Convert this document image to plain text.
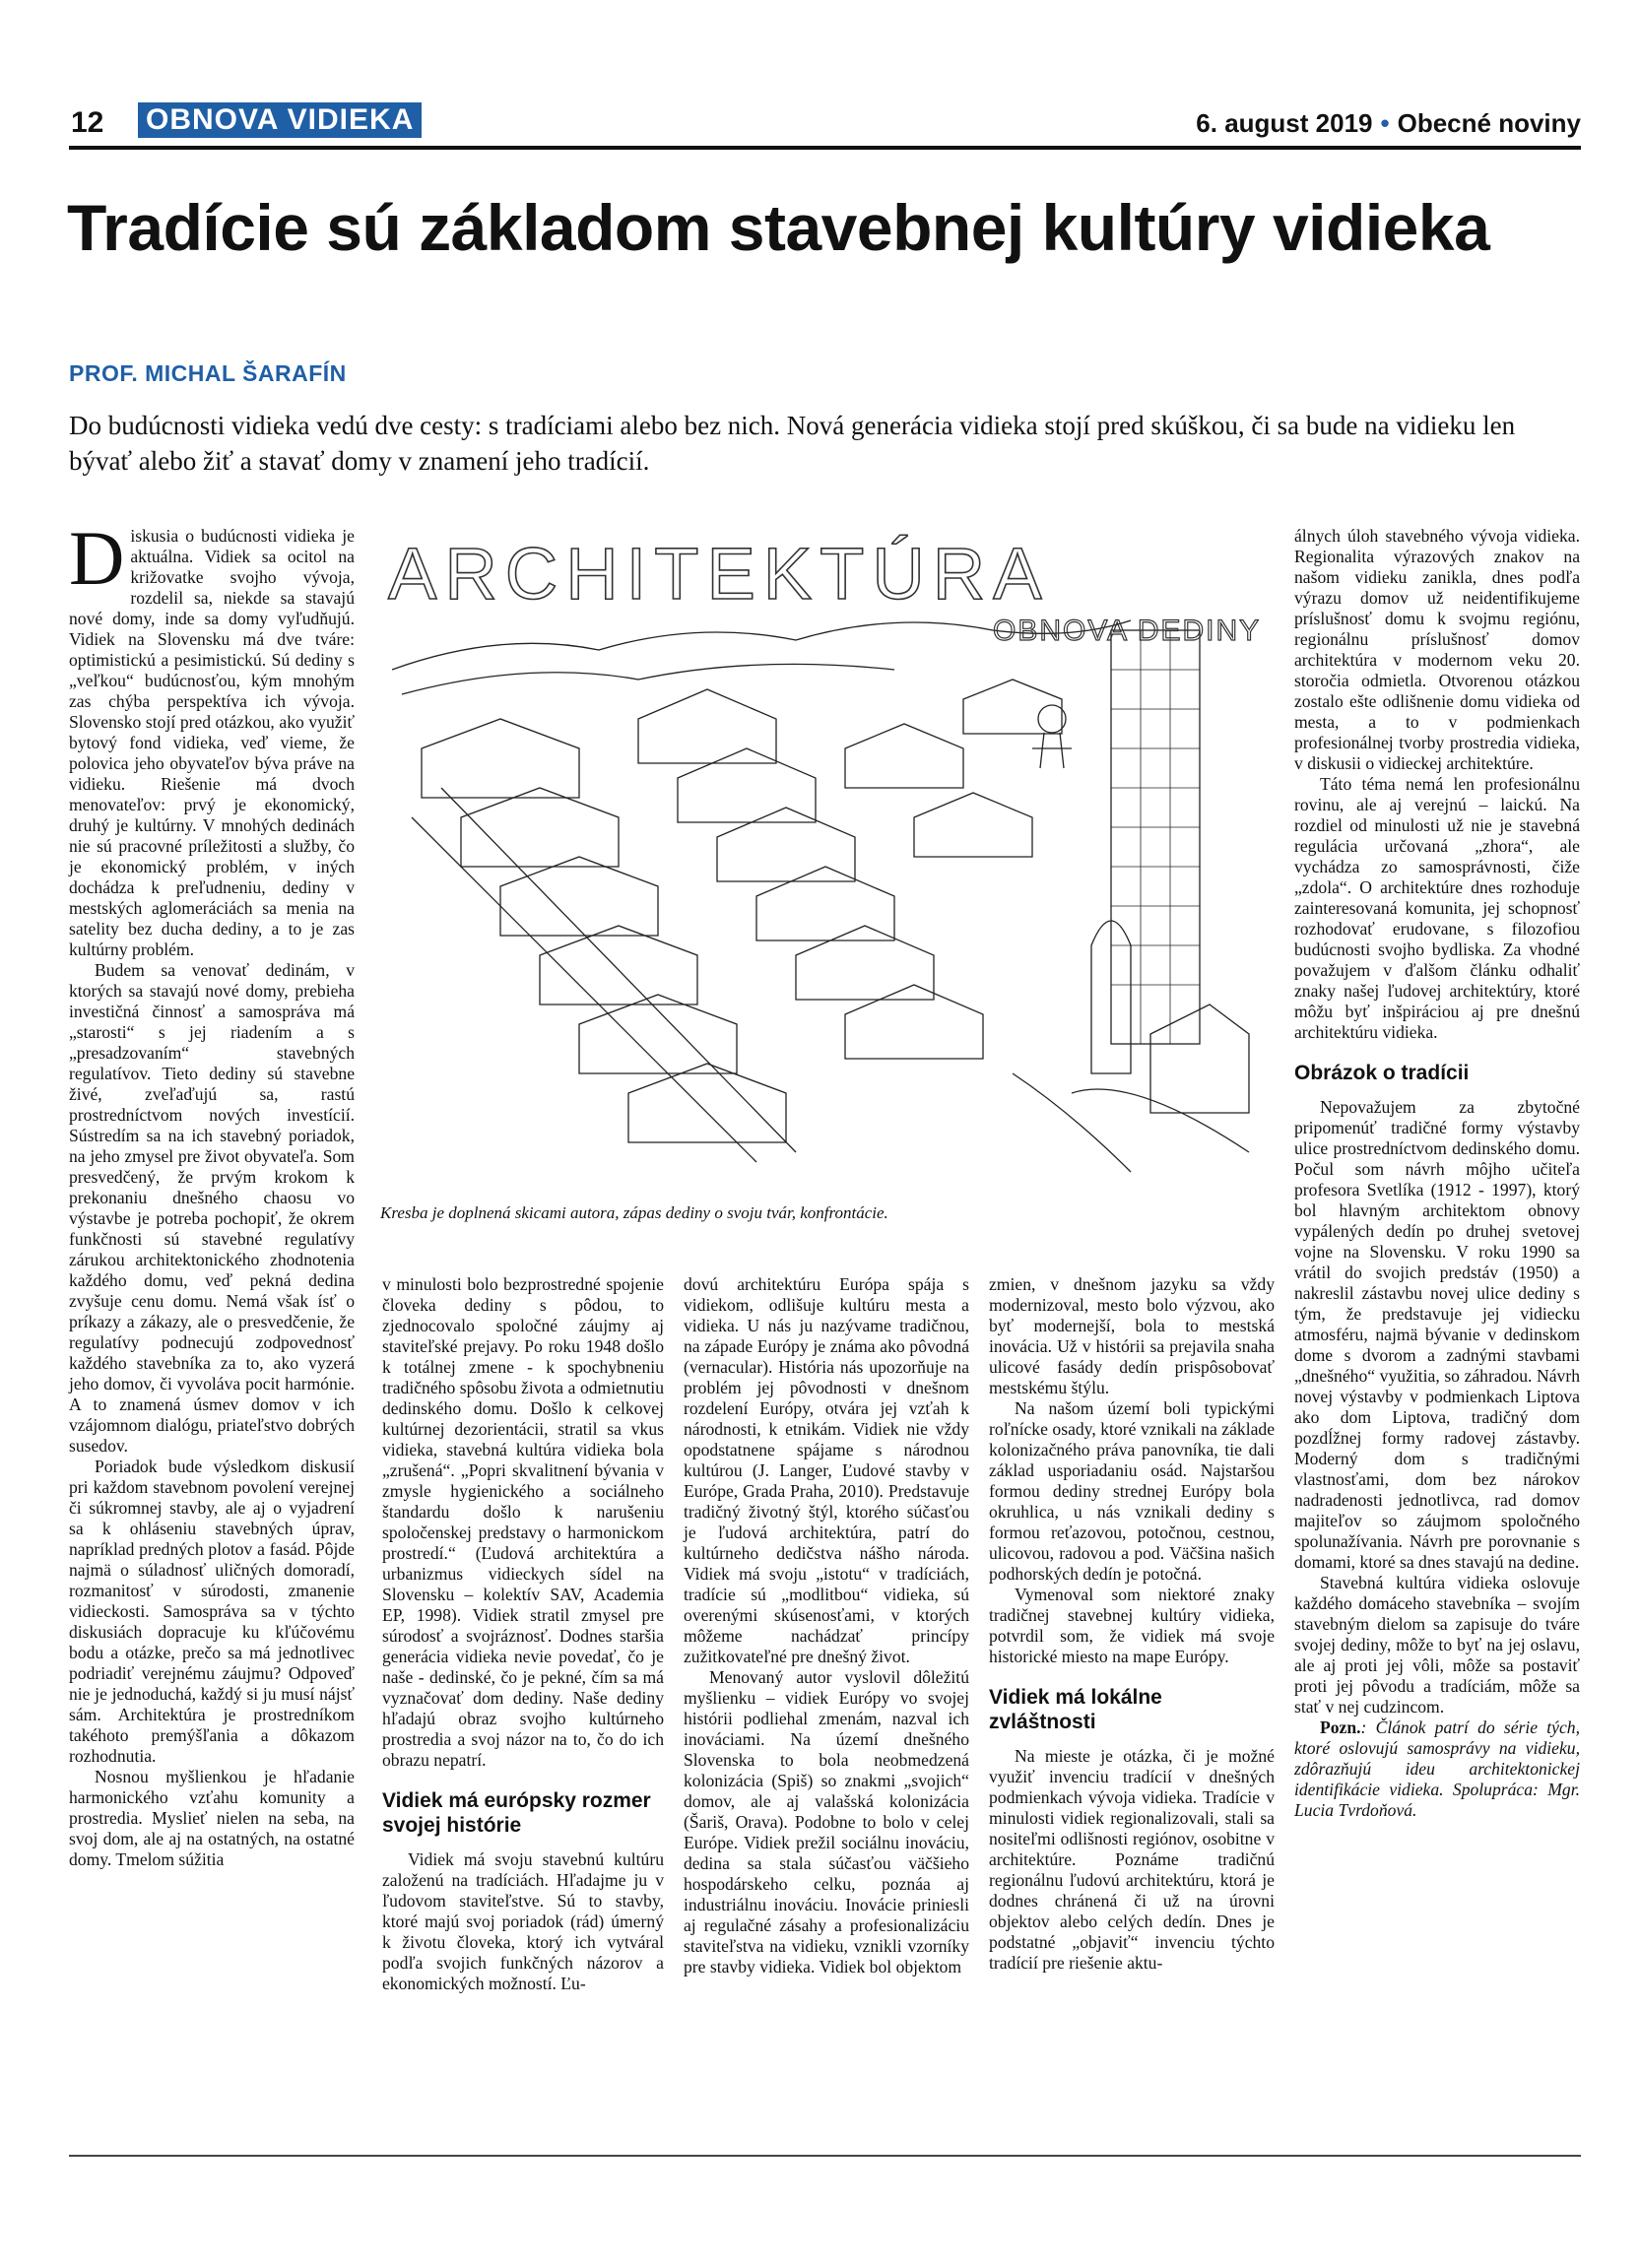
12 OBNOVA VIDIEKA	6. august 2019 • Obecné noviny
Tradície sú základom stavebnej kultúry vidieka
PROF. MICHAL ŠARAFÍN
Do budúcnosti vidieka vedú dve cesty: s tradíciami alebo bez nich. Nová generácia vidieka stojí pred skúškou, či sa bude na vidieku len bývať alebo žiť a stavať domy v znamení jeho tradícií.

Diskusia o budúcnosti vidieka je aktuálna. Vidiek sa ocitol na križovatke svojho vývoja, rozdelil sa, niekde sa stavajú nové domy, inde sa domy vyľudňujú. Vidiek na Slovensku má dve tváre: optimistickú a pesimistickú. Sú dediny s „veľkou“ budúcnosťou, kým mnohým zas chýba perspektíva ich vývoja. Slovensko stojí pred otázkou, ako využiť bytový fond vidieka, veď vieme, že polovica jeho obyvateľov býva práve na vidieku. Riešenie má dvoch menovateľov: prvý je ekonomický, druhý je kultúrny. V mnohých dedinách nie sú pracovné príležitosti a služby, čo je ekonomický problém, v iných dochádza k preľudneniu, dediny v mestských aglomeráciách sa menia na satelity bez ducha dediny, a to je zas kultúrny problém.

Budem sa venovať dedinám, v ktorých sa stavajú nové domy, prebieha investičná činnosť a samospráva má „starosti“ s jej riadením a s „presadzovaním“ stavebných regulatívov. Tieto dediny sú stavebne živé, zveľaďujú sa, rastú prostredníctvom nových investícií. Sústredím sa na ich stavebný poriadok, na jeho zmysel pre život obyvateľa. Som presvedčený, že prvým krokom k prekonaniu dnešného chaosu vo výstavbe je potreba pochopiť, že okrem funkčnosti sú stavebné regulatívy zárukou architektonického zhodnotenia každého domu, veď pekná dedina zvyšuje cenu domu. Nemá však ísť o príkazy a zákazy, ale o presvedčenie, že regulatívy podnecujú zodpovednosť každého stavebníka za to, ako vyzerá jeho domov, či vyvoláva pocit harmónie. A to znamená úsmev domov v ich vzájomnom dialógu, priateľstvo dobrých susedov.

Poriadok bude výsledkom diskusií pri každom stavebnom povolení verejnej či súkromnej stavby, ale aj o vyjadrení sa k ohláseniu stavebných úprav, napríklad predných plotov a fasád. Pôjde najmä o súladnosť uličných domoradí, rozmanitosť v súrodosti, zmanenie vidieckosti. Samospráva sa v týchto diskusiách dopracuje ku kľúčovému bodu a otázke, prečo sa má jednotlivec podriadiť verejnému záujmu? Odpoveď nie je jednoduchá, každý si ju musí nájsť sám. Architektúra je prostredníkom takéhoto premýšľania a dôkazom rozhodnutia.

Nosnou myšlienkou je hľadanie harmonického vzťahu komunity a prostredia. Myslieť nielen na seba, na svoj dom, ale aj na ostatných, na ostatné domy. Tmelom súžitia

ARCHITEKTÚRA
OBNOVA DEDINY
Kresba je doplnená skicami autora, zápas dediny o svoju tvár, konfrontácie.

v minulosti bolo bezprostredné spojenie človeka dediny s pôdou, to zjednocovalo spoločné záujmy aj staviteľské prejavy. Po roku 1948 došlo k totálnej zmene - k spochybneniu tradičného spôsobu života a odmietnutiu dedinského domu. Došlo k celkovej kultúrnej dezorientácii, stratil sa vkus vidieka, stavebná kultúra vidieka bola „zrušená“. „Popri skvalitnení bývania v zmysle hygienického a sociálneho štandardu došlo k narušeniu spoločenskej predstavy o harmonickom prostredí.“ (Ľudová architektúra a urbanizmus vidieckych sídel na Slovensku – kolektív SAV, Academia EP, 1998). Vidiek stratil zmysel pre súrodosť a svojráznosť. Dodnes staršia generácia vidieka nevie povedať, čo je naše - dedinské, čo je pekné, čím sa má vyznačovať dom dediny. Naše dediny hľadajú obraz svojho kultúrneho prostredia a svoj názor na to, čo do ich obrazu nepatrí.

Vidiek má európsky rozmer svojej histórie

Vidiek má svoju stavebnú kultúru založenú na tradíciách. Hľadajme ju v ľudovom staviteľstve. Sú to stavby, ktoré majú svoj poriadok (rád) úmerný k životu človeka, ktorý ich vytváral podľa svojich funkčných názorov a ekonomických možností. Ľu-

dovú architektúru Európa spája s vidiekom, odlišuje kultúru mesta a vidieka. U nás ju nazývame tradičnou, na západe Európy je známa ako pôvodná (vernacular). História nás upozorňuje na problém jej pôvodnosti v dnešnom rozdelení Európy, otvára jej vzťah k národnosti, k etnikám. Vidiek nie vždy opodstatnene spájame s národnou kultúrou (J. Langer, Ľudové stavby v Európe, Grada Praha, 2010). Predstavuje tradičný životný štýl, ktorého súčasťou je ľudová architektúra, patrí do kultúrneho dedičstva nášho národa. Vidiek má svoju „istotu“ v tradíciách, tradície sú „modlitbou“ vidieka, sú overenými skúsenosťami, v ktorých môžeme nachádzať princípy zužitkovateľné pre dnešný život.

Menovaný autor vyslovil dôležitú myšlienku – vidiek Európy vo svojej histórii podliehal zmenám, nazval ich inováciami. Na území dnešného Slovenska to bola neobmedzená kolonizácia (Spiš) so znakmi „svojich“ domov, ale aj valašská kolonizácia (Šariš, Orava). Podobne to bolo v celej Európe. Vidiek prežil sociálnu inováciu, dedina sa stala súčasťou väčšieho hospodárskeho celku, poznáa aj industriálnu inováciu. Inovácie priniesli aj regulačné zásahy a profesionalizáciu staviteľstva na vidieku, vznikli vzorníky pre stavby vidieka. Vidiek bol objektom

zmien, v dnešnom jazyku sa vždy modernizoval, mesto bolo výzvou, ako byť modernejší, bola to mestská inovácia. Už v histórii sa prejavila snaha ulicové fasády dedín prispôsobovať mestskému štýlu.

Na našom území boli typickými roľnícke osady, ktoré vznikali na základe kolonizačného práva panovníka, tie dali základ usporiadaniu osád. Najstaršou formou dediny strednej Európy bola okruhlica, u nás vznikali dediny s formou reťazovou, potočnou, cestnou, ulicovou, radovou a pod. Väčšina našich podhorských dedín je potočná.

Vymenoval som niektoré znaky tradičnej stavebnej kultúry vidieka, potvrdil som, že vidiek má svoje historické miesto na mape Európy.

Vidiek má lokálne zvláštnosti

Na mieste je otázka, či je možné využiť invenciu tradícií v dnešných podmienkach vývoja vidieka. Tradície v minulosti vidiek regionalizovali, stali sa nositeľmi odlišnosti regiónov, osobitne v architektúre. Poznáme tradičnú regionálnu ľudovú architektúru, ktorá je dodnes chránená či už na úrovni objektov alebo celých dedín. Dnes je podstatné „objaviť“ invenciu týchto tradícií pre riešenie aktu-

álnych úloh stavebného vývoja vidieka. Regionalita výrazových znakov na našom vidieku zanikla, dnes podľa výrazu domov už neidentifikujeme príslušnosť domu k svojmu regiónu, regionálnu príslušnosť domov architektúra v modernom veku 20. storočia odmietla. Otvorenou otázkou zostalo ešte odlišnenie domu vidieka od mesta, a to v podmienkach profesionálnej tvorby prostredia vidieka, v diskusii o vidieckej architektúre.

Táto téma nemá len profesionálnu rovinu, ale aj verejnú – laickú. Na rozdiel od minulosti už nie je stavebná regulácia určovaná „zhora“, ale vychádza zo samosprávnosti, čiže „zdola“. O architektúre dnes rozhoduje zainteresovaná komunita, jej schopnosť rozhodovať erudovane, s filozofiou budúcnosti svojho bydliska. Za vhodné považujem v ďalšom článku odhaliť znaky našej ľudovej architektúry, ktoré môžu byť inšpiráciou aj pre dnešnú architektúru vidieka.

Obrázok o tradícii

Nepovažujem za zbytočné pripomenúť tradičné formy výstavby ulice prostredníctvom dedinského domu. Počul som návrh môjho učiteľa profesora Svetlíka (1912 - 1997), ktorý bol hlavným architektom obnovy vypálených dedín po druhej svetovej vojne na Slovensku. V roku 1990 sa vrátil do svojich predstáv (1950) a nakreslil zástavbu novej ulice dediny s tým, že predstavuje jej vidiecku atmosféru, najmä bývanie v dedinskom dome s dvorom a zadnými stavbami „dnešného“ využitia, so záhradou. Návrh novej výstavby v podmienkach Liptova ako dom Liptova, tradičný dom pozdĺžnej formy radovej zástavby. Moderný dom s tradičnými vlastnosťami, dom bez nárokov nadradenosti jednotlivca, rad domov majiteľov so záujmom spoločného spolunažívania. Návrh pre porovnanie s domami, ktoré sa dnes stavajú na dedine.

Stavebná kultúra vidieka oslovuje každého domáceho stavebníka – svojím stavebným dielom sa zapisuje do tváre svojej dediny, môže to byť na jej oslavu, ale aj proti jej vôli, môže sa postaviť proti jej pôvodu a tradíciám, môže sa stať v nej cudzincom.

Pozn.: Článok patrí do série tých, ktoré oslovujú samosprávy na vidieku, zdôrazňujú ideu architektonickej identifikácie vidieka. Spolupráca: Mgr. Lucia Tvrdoňová.
